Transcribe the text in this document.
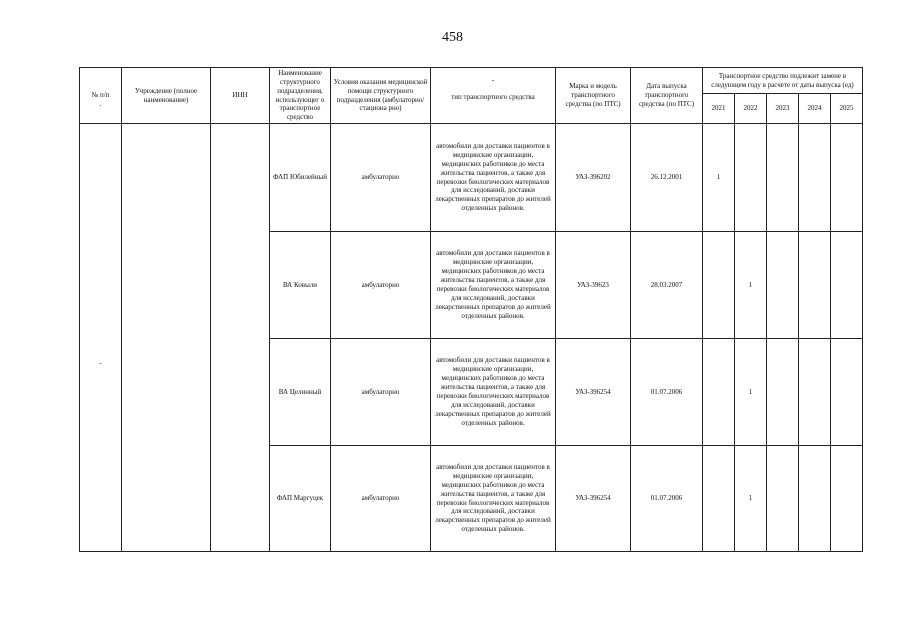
458
№ п/п	Учреждение (полное наименование)	ИНН	Наименование структурного подразделения, использующег о транспортное средство	Условия оказания медицинской помощи структурного подразделения (амбулаторно/стациона рно)	-
тип транспортного средства	Марка и модель транспортного средства (по ПТС)	Дата выпуска транспортного средства (по ПТС)	Транспортное средство подлежит замене в следующем году в расчете от даты выпуска (ед)				
								2021	2022	2023	2024	2025

.
-			ФАП Юбилейный	амбулаторно	автомобили для доставки пациентов в медицинские организации, медицинских работников до места жительства пациентов, а также для перевозки биологических материалов для исследований, доставки лекарственных препаратов до жителей отделенных районов.	УАЗ-396202	26.12.2001	1				
			ВА Ковыли	амбулаторно	автомобили для доставки пациентов в медицинские организации, медицинских работников до места жительства пациентов, а также для перевозки биологических материалов для исследований, доставки лекарственных препаратов до жителей отделенных районов.	УАЗ-39623	28.03.2007		1			
			ВА Целинный	амбулаторно	автомобили для доставки пациентов в медицинские организации, медицинских работников до места жительства пациентов, а также для перевозки биологических материалов для исследований, доставки лекарственных препаратов до жителей отделенных районов.	УАЗ-396254	01.07.2006		1			
			ФАП Маргуцек	амбулаторно	автомобили для доставки пациентов в медицинские организации, медицинских работников до места жительства пациентов, а также для перевозки биологических материалов для исследований, доставки лекарственных препаратов до жителей отделенных районов.	УАЗ-396254	01.07.2006		1			
